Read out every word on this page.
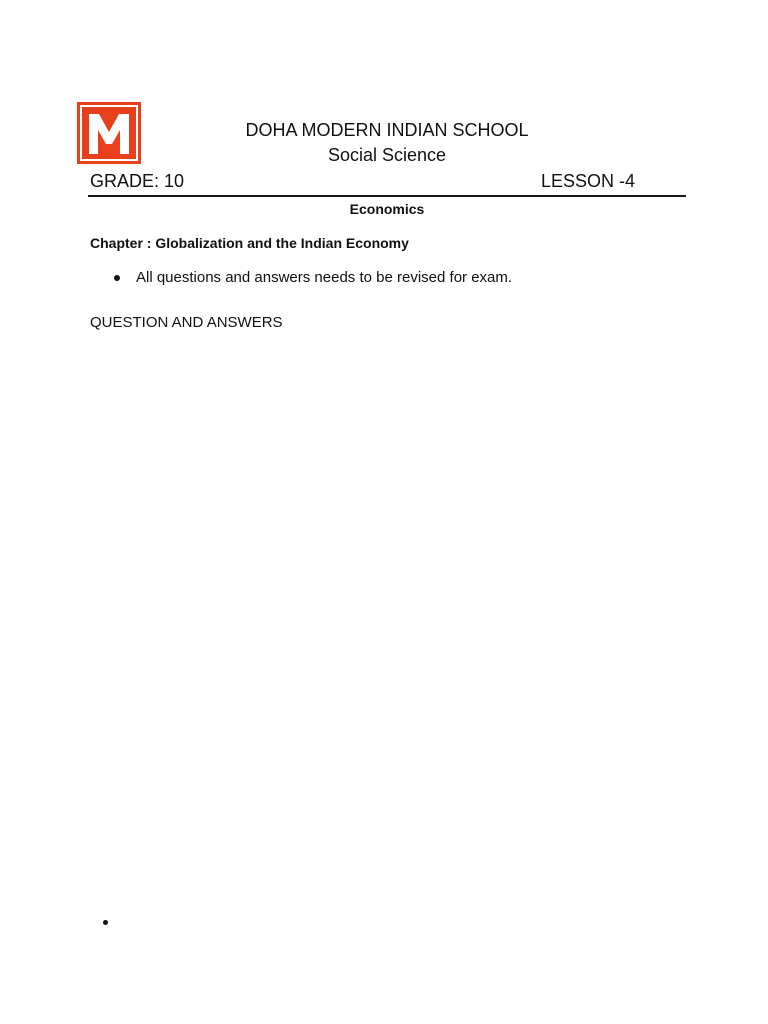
DOHA MODERN INDIAN SCHOOL
Social Science
GRADE: 10	LESSON -4
Economics
Chapter : Globalization and the Indian Economy
All questions and answers needs to be revised for exam.
QUESTION AND ANSWERS
